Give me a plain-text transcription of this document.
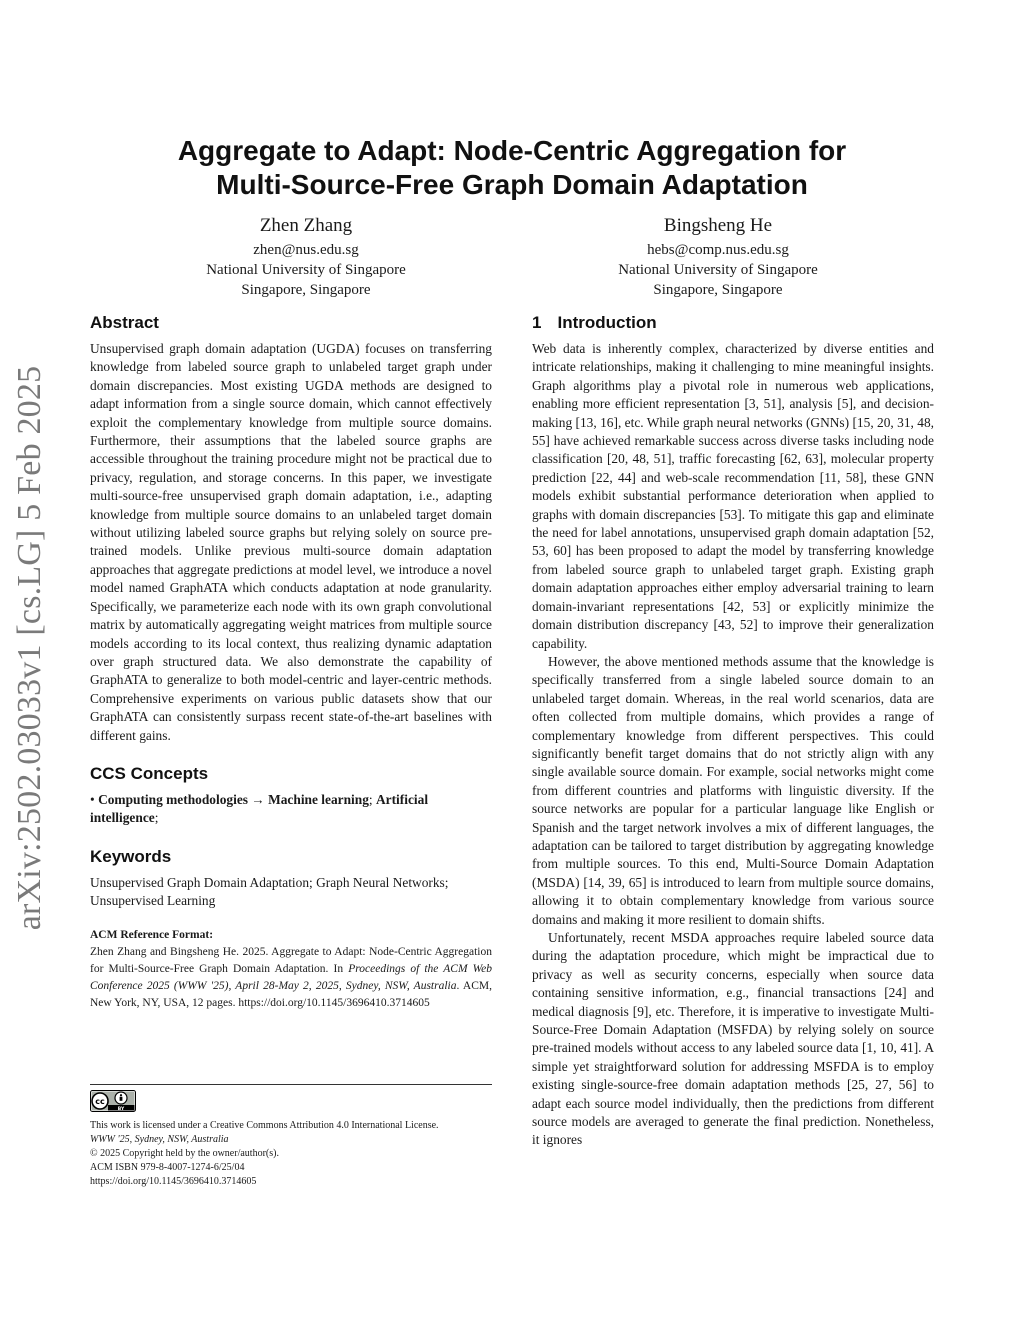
arXiv:2502.03033v1 [cs.LG] 5 Feb 2025
Aggregate to Adapt: Node-Centric Aggregation for
Multi-Source-Free Graph Domain Adaptation
Zhen Zhang
zhen@nus.edu.sg
National University of Singapore
Singapore, Singapore
Bingsheng He
hebs@comp.nus.edu.sg
National University of Singapore
Singapore, Singapore
Abstract

Unsupervised graph domain adaptation (UGDA) focuses on transferring knowledge from labeled source graph to unlabeled target graph under domain discrepancies. Most existing UGDA methods are designed to adapt information from a single source domain, which cannot effectively exploit the complementary knowledge from multiple source domains. Furthermore, their assumptions that the labeled source graphs are accessible throughout the training procedure might not be practical due to privacy, regulation, and storage concerns. In this paper, we investigate multi-source-free unsupervised graph domain adaptation, i.e., adapting knowledge from multiple source domains to an unlabeled target domain without utilizing labeled source graphs but relying solely on source pre-trained models. Unlike previous multi-source domain adaptation approaches that aggregate predictions at model level, we introduce a novel model named GraphATA which conducts adaptation at node granularity. Specifically, we parameterize each node with its own graph convolutional matrix by automatically aggregating weight matrices from multiple source models according to its local context, thus realizing dynamic adaptation over graph structured data. We also demonstrate the capability of GraphATA to generalize to both model-centric and layer-centric methods. Comprehensive experiments on various public datasets show that our GraphATA can consistently surpass recent state-of-the-art baselines with different gains.

CCS Concepts
• Computing methodologies → Machine learning; Artificial intelligence;
Keywords

Unsupervised Graph Domain Adaptation; Graph Neural Networks; Unsupervised Learning

ACM Reference Format:

Zhen Zhang and Bingsheng He. 2025. Aggregate to Adapt: Node-Centric Aggregation for Multi-Source-Free Graph Domain Adaptation. In Proceedings of the ACM Web Conference 2025 (WWW '25), April 28-May 2, 2025, Sydney, NSW, Australia. ACM, New York, NY, USA, 12 pages. https://doi.org/10.1145/3696410.3714605

cc
BY
This work is licensed under a Creative Commons Attribution 4.0 International License.
WWW '25, Sydney, NSW, Australia
© 2025 Copyright held by the owner/author(s).
ACM ISBN 979-8-4007-1274-6/25/04
https://doi.org/10.1145/3696410.3714605
1 Introduction

Web data is inherently complex, characterized by diverse entities and intricate relationships, making it challenging to mine meaningful insights. Graph algorithms play a pivotal role in numerous web applications, enabling more efficient representation [3, 51], analysis [5], and decision-making [13, 16], etc. While graph neural networks (GNNs) [15, 20, 31, 48, 55] have achieved remarkable success across diverse tasks including node classification [20, 48, 51], traffic forecasting [62, 63], molecular property prediction [22, 44] and web-scale recommendation [11, 58], these GNN models exhibit substantial performance deterioration when applied to graphs with domain discrepancies [53]. To mitigate this gap and eliminate the need for label annotations, unsupervised graph domain adaptation [52, 53, 60] has been proposed to adapt the model by transferring knowledge from labeled source graph to unlabeled target graph. Existing graph domain adaptation approaches either employ adversarial training to learn domain-invariant representations [42, 53] or explicitly minimize the domain distribution discrepancy [43, 52] to improve their generalization capability.

However, the above mentioned methods assume that the knowledge is specifically transferred from a single labeled source domain to an unlabeled target domain. Whereas, in the real world scenarios, data are often collected from multiple domains, which provides a range of complementary knowledge from different perspectives. This could significantly benefit target domains that do not strictly align with any single available source domain. For example, social networks might come from different countries and platforms with linguistic diversity. If the source networks are popular for a particular language like English or Spanish and the target network involves a mix of different languages, the adaptation can be tailored to target distribution by aggregating knowledge from multiple sources. To this end, Multi-Source Domain Adaptation (MSDA) [14, 39, 65] is introduced to learn from multiple source domains, allowing it to obtain complementary knowledge from various source domains and making it more resilient to domain shifts.

Unfortunately, recent MSDA approaches require labeled source data during the adaptation procedure, which might be impractical due to privacy as well as security concerns, especially when source data containing sensitive information, e.g., financial transactions [24] and medical diagnosis [9], etc. Therefore, it is imperative to investigate Multi-Source-Free Domain Adaptation (MSFDA) by relying solely on source pre-trained models without access to any labeled source data [1, 10, 41]. A simple yet straightforward solution for addressing MSFDA is to employ existing single-source-free domain adaptation methods [25, 27, 56] to adapt each source model individually, then the predictions from different source models are averaged to generate the final prediction. Nonetheless, it ignores
